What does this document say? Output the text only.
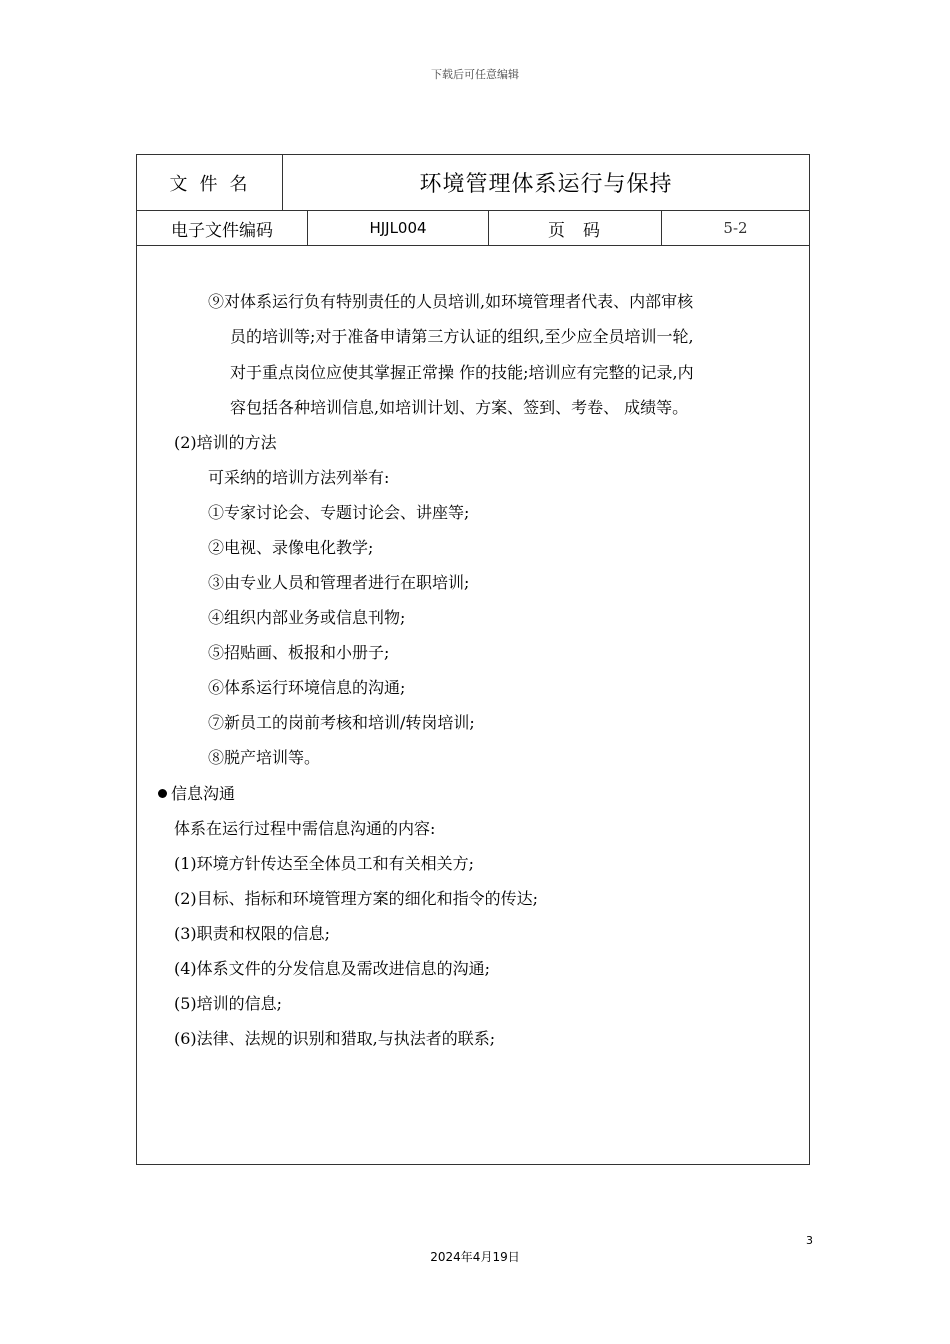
下载后可任意编辑
文件名	环境管理体系运行与保持
电子文件编码	HJJL004	页码	5-2
⑨对体系运行负有特别责任的人员培训,如环境管理者代表、内部审核
员的培训等;对于准备申请第三方认证的组织,至少应全员培训一轮,
对于重点岗位应使其掌握正常操 作的技能;培训应有完整的记录,内
容包括各种培训信息,如培训计划、方案、签到、考卷、 成绩等。
(2)培训的方法
可采纳的培训方法列举有:
①专家讨论会、专题讨论会、讲座等;
②电视、录像电化教学;
③由专业人员和管理者进行在职培训;
④组织内部业务或信息刊物;
⑤招贴画、板报和小册子;
⑥体系运行环境信息的沟通;
⑦新员工的岗前考核和培训/转岗培训;
⑧脱产培训等。
信息沟通
体系在运行过程中需信息沟通的内容:
(1)环境方针传达至全体员工和有关相关方;
(2)目标、指标和环境管理方案的细化和指令的传达;
(3)职责和权限的信息;
(4)体系文件的分发信息及需改进信息的沟通;
(5)培训的信息;
(6)法律、法规的识别和猎取,与执法者的联系;
3
2024年4月19日
